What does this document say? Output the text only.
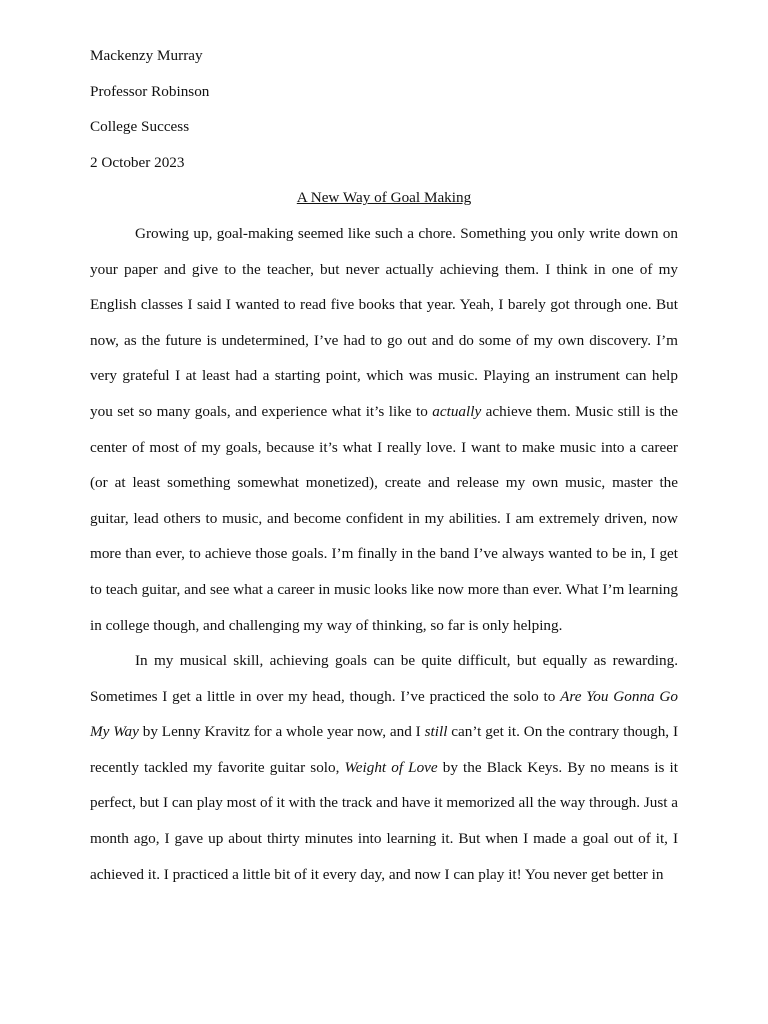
Mackenzy Murray
Professor Robinson
College Success
2 October 2023
A New Way of Goal Making

Growing up, goal-making seemed like such a chore. Something you only write down on your paper and give to the teacher, but never actually achieving them. I think in one of my English classes I said I wanted to read five books that year. Yeah, I barely got through one. But now, as the future is undetermined, I’ve had to go out and do some of my own discovery. I’m very grateful I at least had a starting point, which was music. Playing an instrument can help you set so many goals, and experience what it’s like to actually achieve them. Music still is the center of most of my goals, because it’s what I really love. I want to make music into a career (or at least something somewhat monetized), create and release my own music, master the guitar, lead others to music, and become confident in my abilities. I am extremely driven, now more than ever, to achieve those goals. I’m finally in the band I’ve always wanted to be in, I get to teach guitar, and see what a career in music looks like now more than ever. What I’m learning in college though, and challenging my way of thinking, so far is only helping.

In my musical skill, achieving goals can be quite difficult, but equally as rewarding. Sometimes I get a little in over my head, though. I’ve practiced the solo to Are You Gonna Go My Way by Lenny Kravitz for a whole year now, and I still can’t get it. On the contrary though, I recently tackled my favorite guitar solo, Weight of Love by the Black Keys. By no means is it perfect, but I can play most of it with the track and have it memorized all the way through. Just a month ago, I gave up about thirty minutes into learning it. But when I made a goal out of it, I achieved it. I practiced a little bit of it every day, and now I can play it! You never get better in
